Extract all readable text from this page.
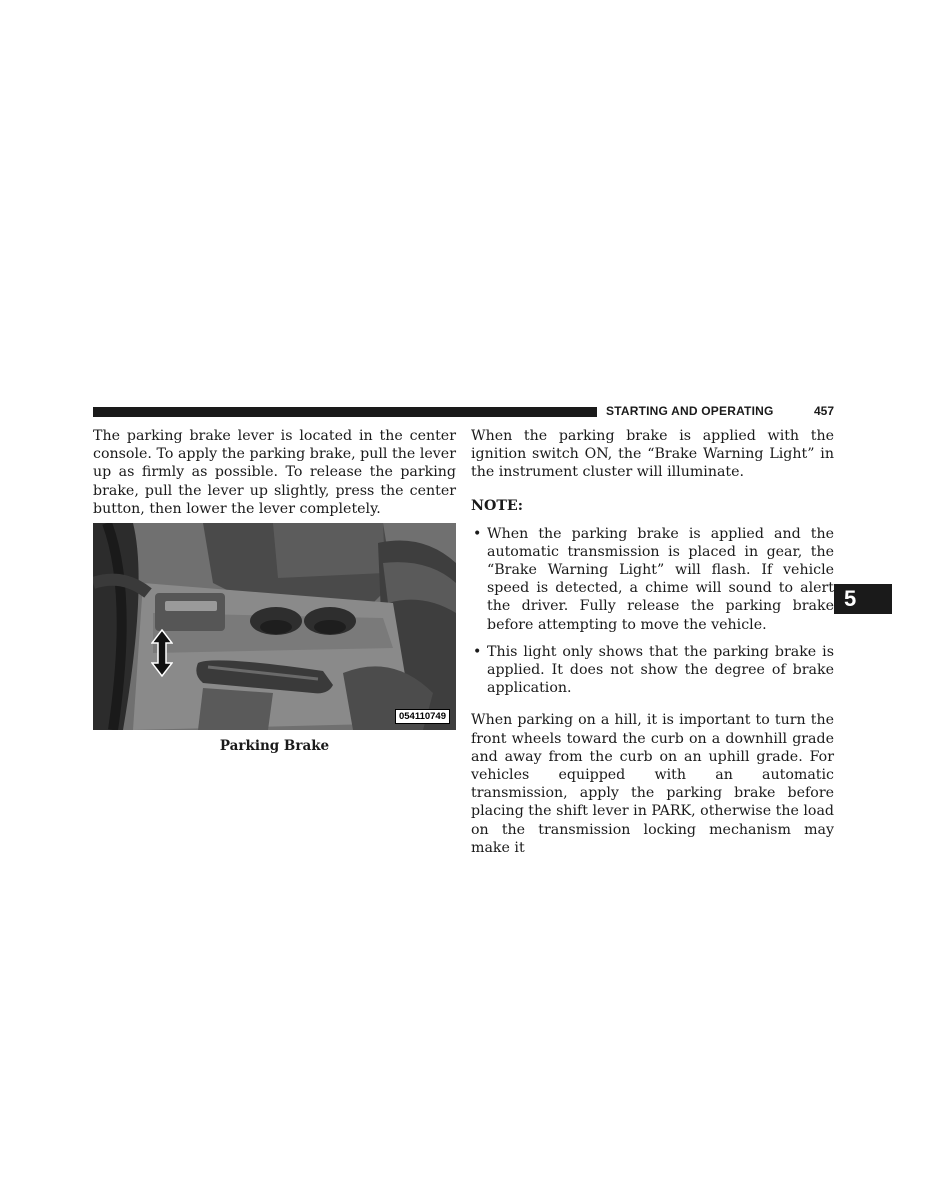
STARTING AND OPERATING	457
5

The parking brake lever is located in the center console. To apply the parking brake, pull the lever up as firmly as possible. To release the parking brake, pull the lever up slightly, press the center button, then lower the lever completely.

054110749
Parking Brake

When the parking brake is applied with the ignition switch ON, the “Brake Warning Light” in the instrument cluster will illuminate.

NOTE:
• When the parking brake is applied and the automatic transmission is placed in gear, the “Brake Warning Light” will flash. If vehicle speed is detected, a chime will sound to alert the driver. Fully release the parking brake before attempting to move the vehicle.
• This light only shows that the parking brake is applied. It does not show the degree of brake application.

When parking on a hill, it is important to turn the front wheels toward the curb on a downhill grade and away from the curb on an uphill grade. For vehicles equipped with an automatic transmission, apply the parking brake before placing the shift lever in PARK, otherwise the load on the transmission locking mechanism may make it
